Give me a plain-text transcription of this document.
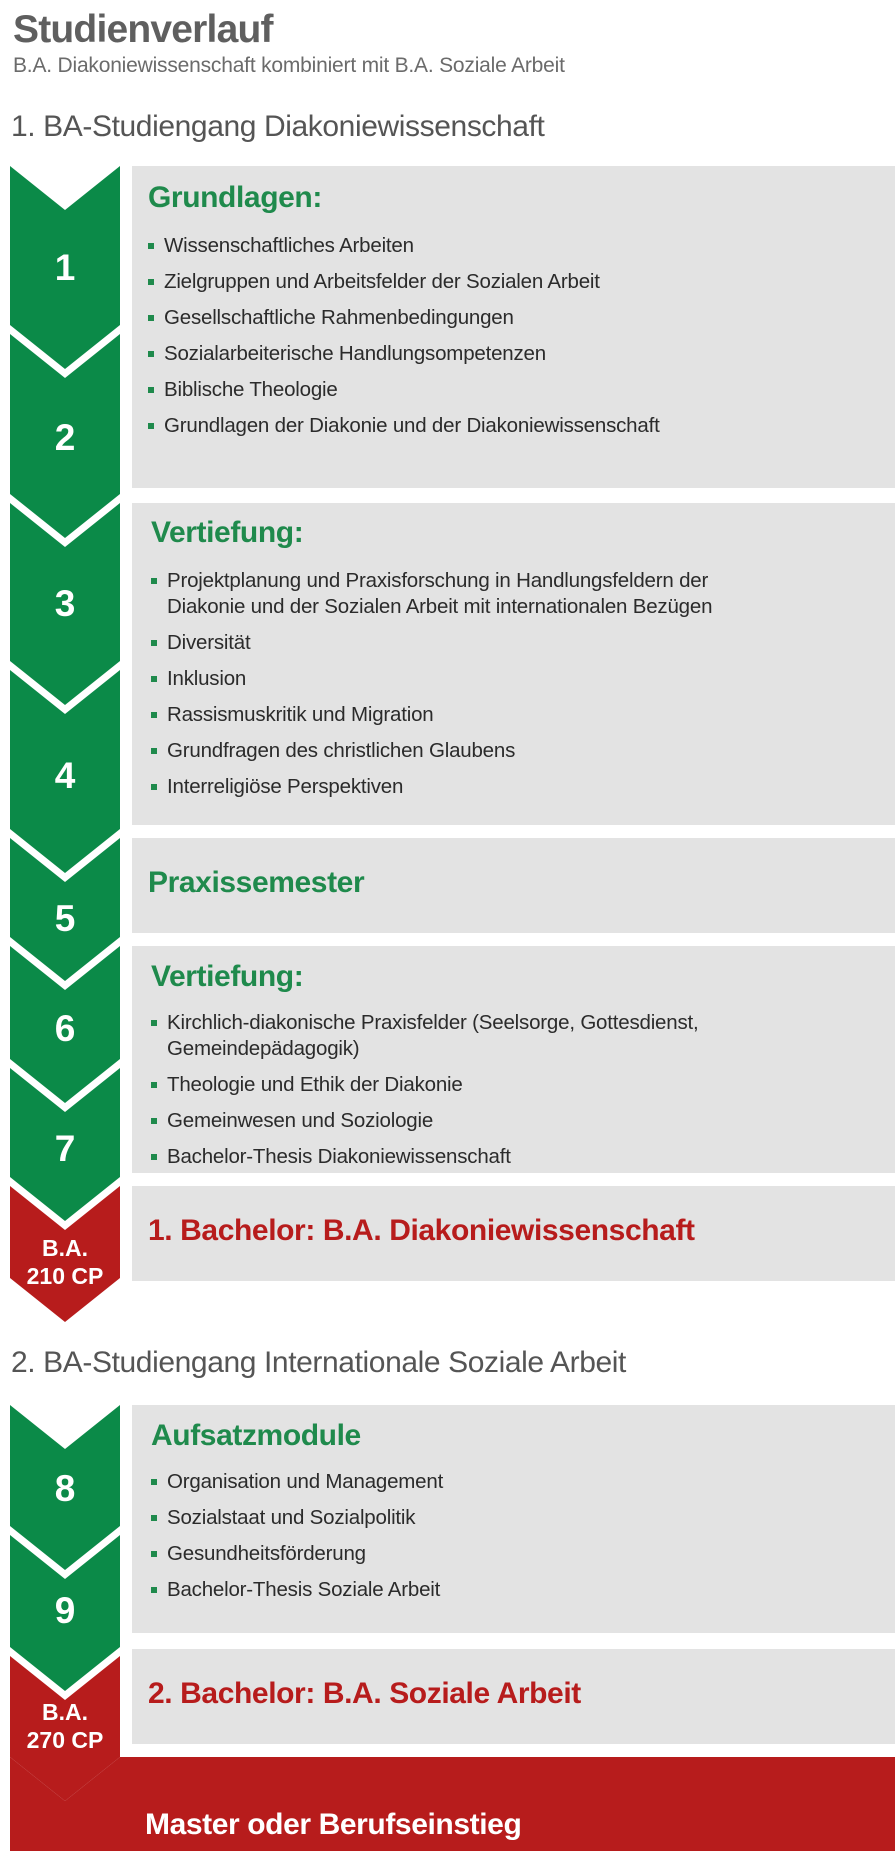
Studienverlauf
B.A. Diakoniewissenschaft kombiniert mit B.A. Soziale Arbeit
1. BA-Studiengang Diakoniewissenschaft
2. BA-Studiengang Internationale Soziale Arbeit
1
2
3
4
5
6
7
B.A.
210 CP
8
9
B.A.
270 CP
Grundlagen:
Wissenschaftliches Arbeiten
Zielgruppen und Arbeitsfelder der Sozialen Arbeit
Gesellschaftliche Rahmenbedingungen
Sozialarbeiterische Handlungsompetenzen
Biblische Theologie
Grundlagen der Diakonie und der Diakoniewissenschaft
Vertiefung:
Projektplanung und Praxisforschung in Handlungsfeldern der Diakonie und der Sozialen Arbeit mit internationalen Bezügen
Diversität
Inklusion
Rassismuskritik und Migration
Grundfragen des christlichen Glaubens
Interreligiöse Perspektiven
Praxissemester
Vertiefung:
Kirchlich-diakonische Praxisfelder (Seelsorge, Gottesdienst, Gemeindepädagogik)
Theologie und Ethik der Diakonie
Gemeinwesen und Soziologie
Bachelor-Thesis Diakoniewissenschaft
1. Bachelor: B.A. Diakoniewissenschaft
Aufsatzmodule
Organisation und Management
Sozialstaat und Sozialpolitik
Gesundheitsförderung
Bachelor-Thesis Soziale Arbeit
2. Bachelor: B.A. Soziale Arbeit
Master oder Berufseinstieg
